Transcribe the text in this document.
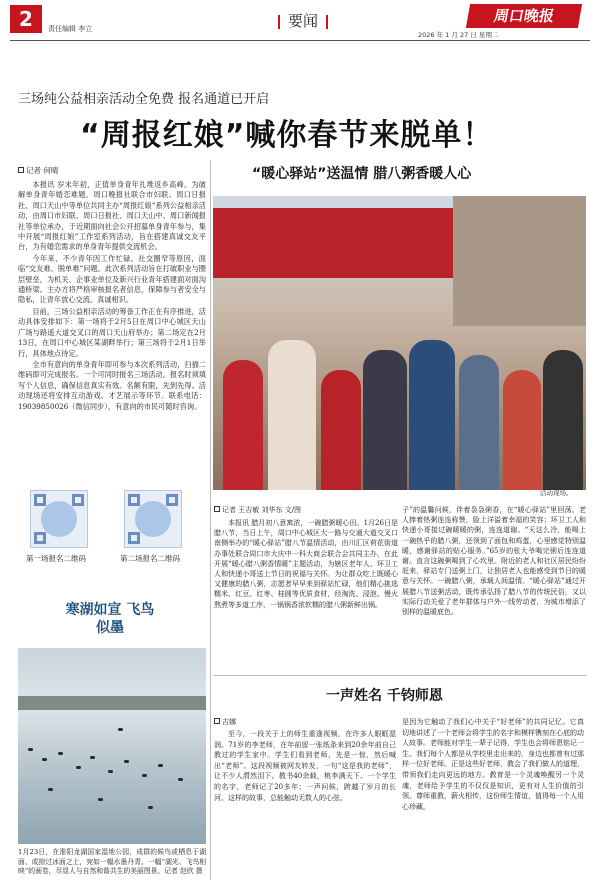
2	责任编辑 李立	要闻	周口晚报
2026 年 1 月 27 日 星期二
三场纯公益相亲活动全免费 报名通道已开启
“周报红娘”喊你春节来脱单！
记者 何晴

本报讯 岁末年初，正值单身青年扎堆返乡高峰。为破解单身青年婚恋难题，周口晚报社联合市妇联、周口日报社、周口天山中等单位共同主办“周报红娘”系列公益相亲活动，由周口市妇联、周口日报社、周口天山中、周口新闻报社等单位承办，于近期面向社会公开招募单身青年参与，集中开展“周报红娘”工作室系列活动，旨在搭建真诚交友平台，为有婚恋需求的单身青年提供交流机会。

今年来，不少青年因工作忙碌、社交圈窄等原因，面临“交友难、脱单难”问题。此次系列活动旨在打破职业与圈层壁垒，为机关、企事业单位及新兴行业青年搭建面对面沟通桥梁。主办方将严格审核报名者信息，保障参与者安全与隐私，让青年放心交流、真诚相识。

目前，三场公益相亲活动的筹备工作正在有序推进，活动具体安排如下：第一场将于2月5日在周口中心城区天山广场与路遥大道交叉口的周口天山府举办；第二场定在2月13日，在周口中心城区某湖畔举行；第三场将于2月1日举行，具体地点待定。

全市有意向的单身青年即可参与本次系列活动，扫描二维码即可完成报名。一个可同时报名三场活动。报名时须填写个人信息，确保信息真实有效。名额有限，先到先得。活动现场还将安排互动游戏、才艺展示等环节。联系电话：19039850026（微信同步），有意向的市民可随时咨询。

第一场报名二维码	第二场报名二维码
“暖心驿站”送温情 腊八粥香暖人心
活动现场。
记者 王吉敏 刘华东 文/图

本报讯 腊月初八意寓浓，一碗腊粥暖心田。1月26日是腊八节，当日上午，周口中心城区大一路与交通大道交叉口南侧举办的“暖心驿站”腊八节温情活动，由川汇区荷花街道办事处联合周口市大庆中一科大商会联合会共同主办，在此开展“暖心腊八粥香情暖”主题活动，为辖区老年人、环卫工人和快递小哥送上节日的祝福与关怀。为让群众吃上既暖心又健康的腊八粥，志愿者早早来到驿站忙碌，他们精心挑选糯米、红豆、红枣、桂圆等优质食材，经淘洗、浸泡、慢火熬煮等多道工序，一锅锅香浓软糯的腊八粥新鲜出锅。

子”的温馨问候，伴着袅袅粥香，在“暖心驿站”里回荡。老人捧着热粥连连称赞，脸上洋溢着幸福的笑容；环卫工人和快递小哥接过碗暖暖的粥，连连道谢。“天这么冷，能喝上一碗热乎的腊八粥，还领到了面包和鸡蛋，心里感觉特别温暖，感谢驿站的贴心服务。”65岁的张大爷喝完粥后连连道谢。直言这碗粥喝到了心坎里。附近的老人和社区居民纷纷赶来，驿站专门送粥上门，让独居老人也能感受到节日的暖意与关怀。一碗腊八粥，承载人间温情。“暖心驿站”通过开展腊八节送粥活动，既传承弘扬了腊八节的传统民俗，又以实际行动关爱了老年群体与户外一线劳动者，为城市增添了别样的温暖底色。

寒湖如宣 飞鸟似墨
1月23日，在淮阳龙湖国家湿地公园，成群的候鸟或栖息于湖面、或掠过冰面之上，宛如一幅水墨丹青。一幅“湖光、飞鸟相映”的画卷，尽显人与自然和谐共生的美丽图景。记者 赵欣 摄
一声姓名 千钧师恩
吉娜

至今，一段关于上的师生重逢视频，在许多人眼眶湿润。71岁的李老师，在年前留一张纸条来到20余年前自己教过的学生家中。学生们看到老师，先是一惊，然后喊出“老师”。这段视频被网友转发，一句“这是我的老师”，让不少人潸然泪下。教书40余载，桃李满天下。一个学生的名字，老师记了20多年；一声问候，跨越了岁月的长河。这样的故事，总能触动无数人的心弦。

是因为它触动了我们心中关于“好老师”的共同记忆。它真切地讲述了一个老师会将学生的名字和模样镌刻在心底的动人故事。老师能对学生一辈子记得，学生也会将师恩铭记一生。我们每个人都是从学校里走出来的，身边也都曾有过那样一位好老师。正是这些好老师，教会了我们做人的道理，带领我们走向更远的地方。教育是一个灵魂唤醒另一个灵魂，老师给予学生的不仅仅是知识，更有对人生价值的引领。尊师重教，薪火相传，这份师生情谊，值得每一个人用心珍藏。
